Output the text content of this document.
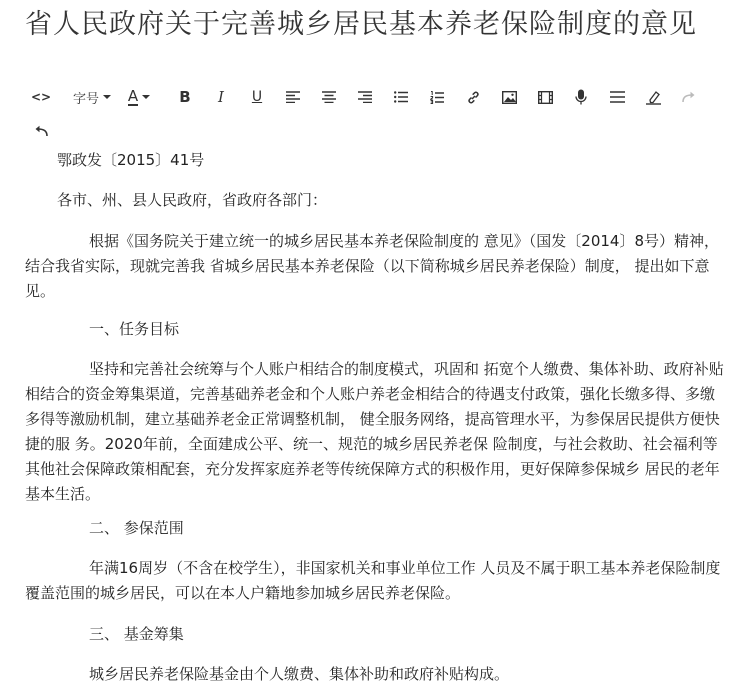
省人民政府关于完善城乡居民基本养老保险制度的意见
<> 字号 A	B I U

鄂政发〔2015〕41号

各市、州、县人民政府，省政府各部门：

根据《国务院关于建立统一的城乡居民基本养老保险制度的 意见》（国发〔2014〕8号）精神，结合我省实际，现就完善我 省城乡居民基本养老保险（以下简称城乡居民养老保险）制度， 提出如下意见。

一、任务目标

坚持和完善社会统筹与个人账户相结合的制度模式，巩固和 拓宽个人缴费、集体补助、政府补贴相结合的资金筹集渠道，完善基础养老金和个人账户养老金相结合的待遇支付政策，强化长缴多得、多缴多得等激励机制，建立基础养老金正常调整机制， 健全服务网络，提高管理水平，为参保居民提供方便快捷的服 务。2020年前，全面建成公平、统一、规范的城乡居民养老保 险制度，与社会救助、社会福利等其他社会保障政策相配套，充分发挥家庭养老等传统保障方式的积极作用，更好保障参保城乡 居民的老年基本生活。

二、 参保范围

年满16周岁（不含在校学生），非国家机关和事业单位工作 人员及不属于职工基本养老保险制度覆盖范围的城乡居民，可以在本人户籍地参加城乡居民养老保险。

三、 基金筹集

城乡居民养老保险基金由个人缴费、集体补助和政府补贴构成。
